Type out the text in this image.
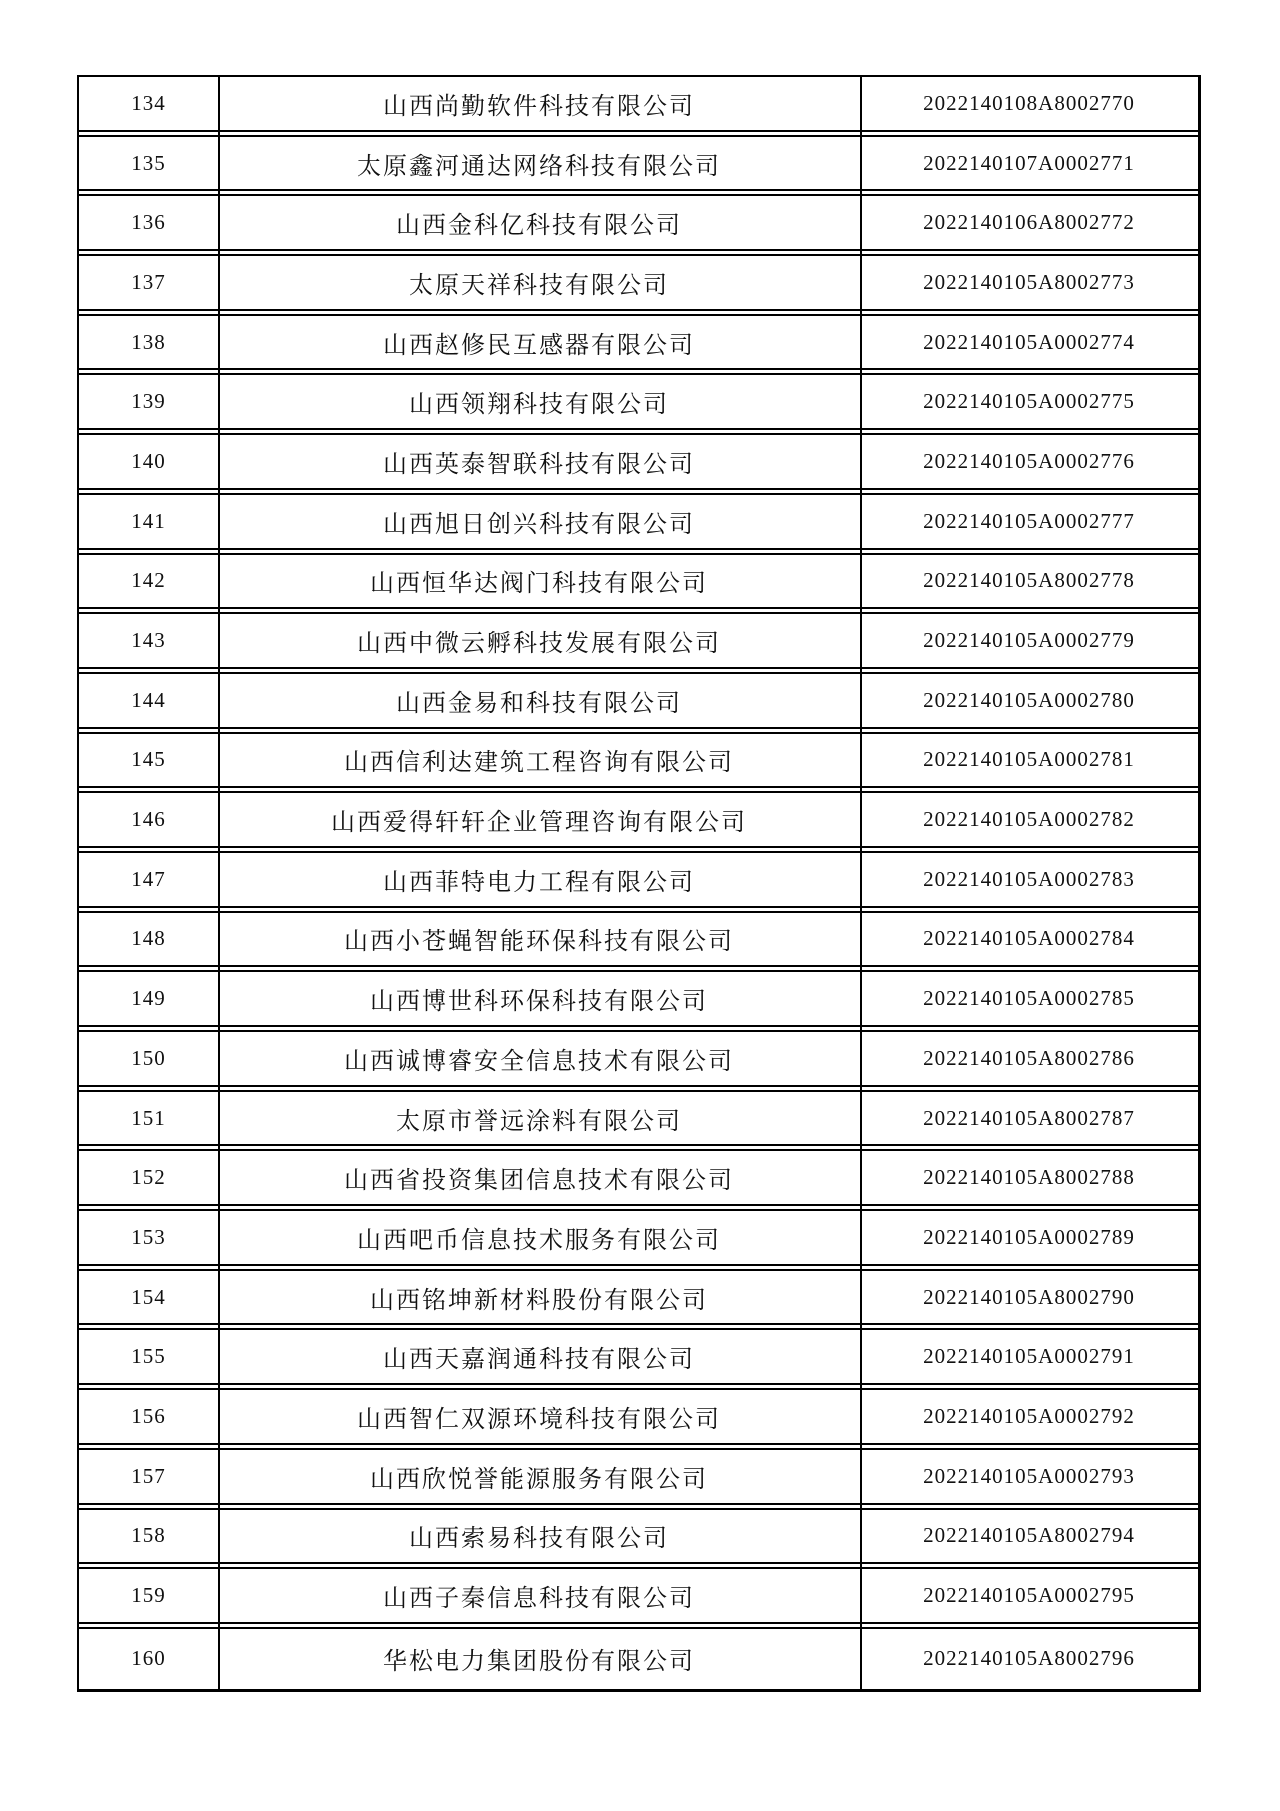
134	山西尚勤软件科技有限公司	2022140108A8002770
135	太原鑫河通达网络科技有限公司	2022140107A0002771
136	山西金科亿科技有限公司	2022140106A8002772
137	太原天祥科技有限公司	2022140105A8002773
138	山西赵修民互感器有限公司	2022140105A0002774
139	山西领翔科技有限公司	2022140105A0002775
140	山西英泰智联科技有限公司	2022140105A0002776
141	山西旭日创兴科技有限公司	2022140105A0002777
142	山西恒华达阀门科技有限公司	2022140105A8002778
143	山西中微云孵科技发展有限公司	2022140105A0002779
144	山西金易和科技有限公司	2022140105A0002780
145	山西信利达建筑工程咨询有限公司	2022140105A0002781
146	山西爱得轩轩企业管理咨询有限公司	2022140105A0002782
147	山西菲特电力工程有限公司	2022140105A0002783
148	山西小苍蝇智能环保科技有限公司	2022140105A0002784
149	山西博世科环保科技有限公司	2022140105A0002785
150	山西诚博睿安全信息技术有限公司	2022140105A8002786
151	太原市誉远涂料有限公司	2022140105A8002787
152	山西省投资集团信息技术有限公司	2022140105A8002788
153	山西吧币信息技术服务有限公司	2022140105A0002789
154	山西铭坤新材料股份有限公司	2022140105A8002790
155	山西天嘉润通科技有限公司	2022140105A0002791
156	山西智仁双源环境科技有限公司	2022140105A0002792
157	山西欣悦誉能源服务有限公司	2022140105A0002793
158	山西索易科技有限公司	2022140105A8002794
159	山西子秦信息科技有限公司	2022140105A0002795
160	华松电力集团股份有限公司	2022140105A8002796
